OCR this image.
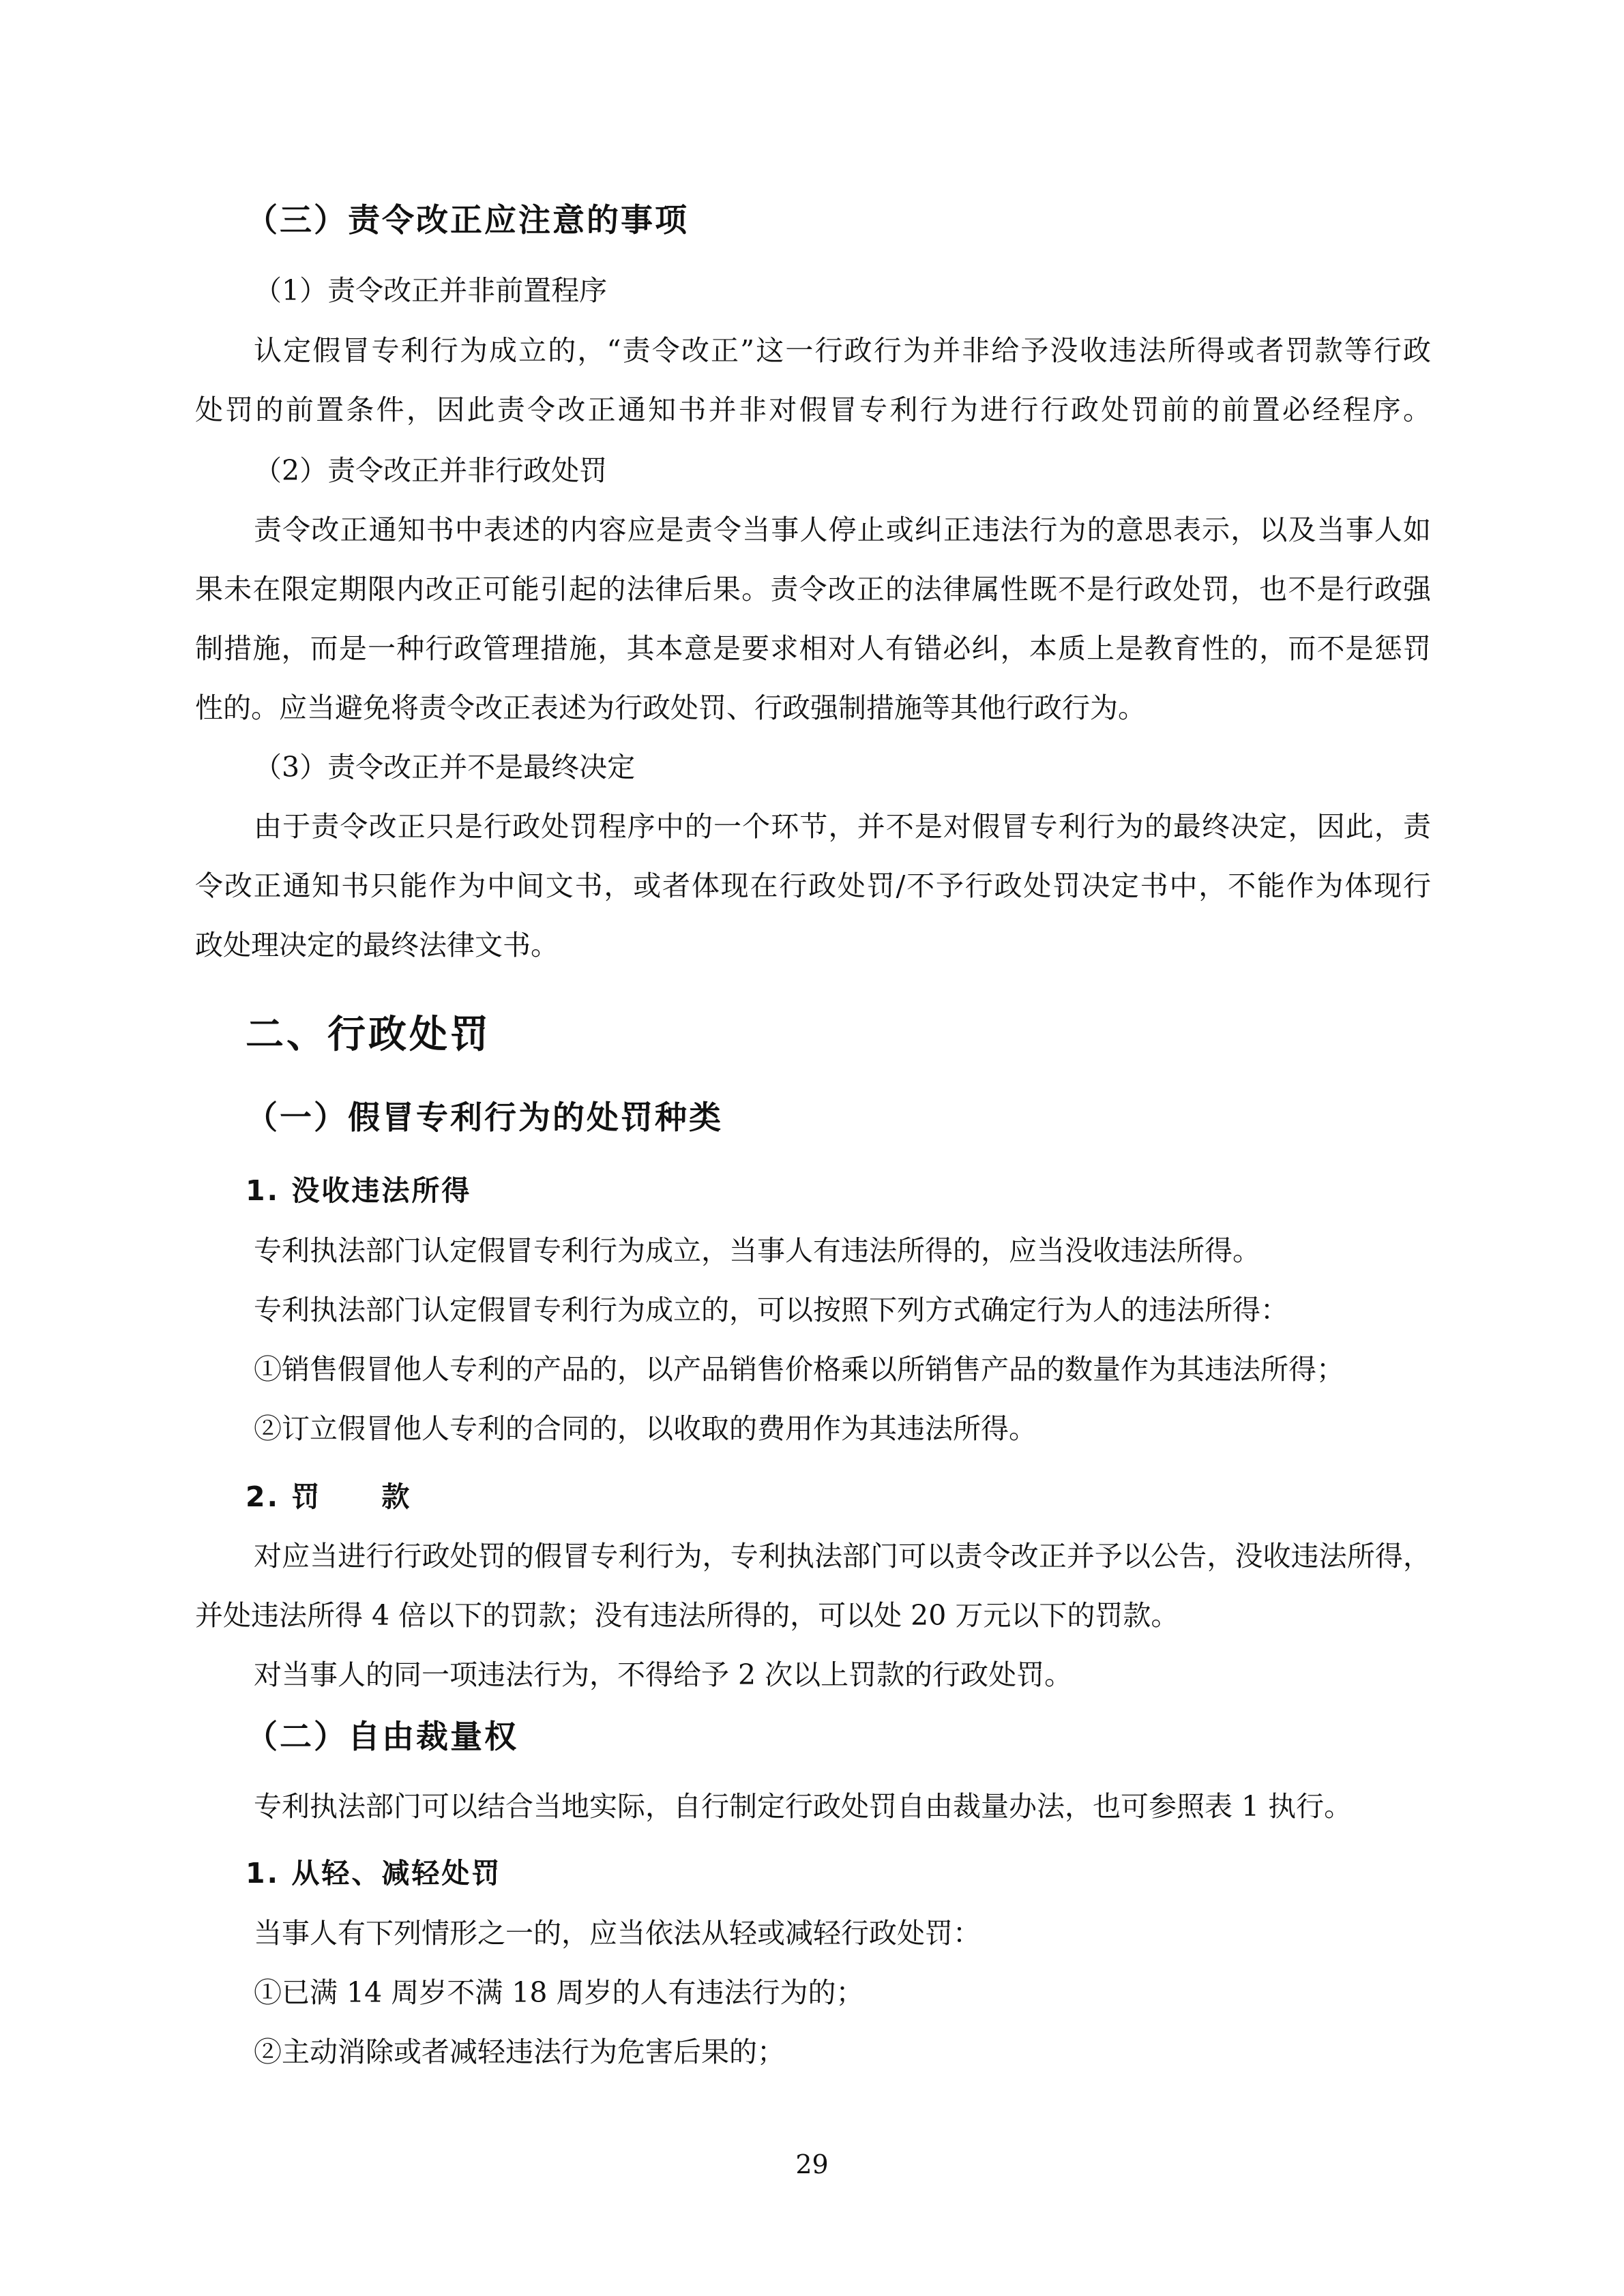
（三）责令改正应注意的事项
（1）责令改正并非前置程序
认定假冒专利行为成立的，“责令改正”这一行政行为并非给予没收违法所得或者罚款等行政
处罚的前置条件，因此责令改正通知书并非对假冒专利行为进行行政处罚前的前置必经程序。
（2）责令改正并非行政处罚
责令改正通知书中表述的内容应是责令当事人停止或纠正违法行为的意思表示，以及当事人如
果未在限定期限内改正可能引起的法律后果。责令改正的法律属性既不是行政处罚，也不是行政强
制措施，而是一种行政管理措施，其本意是要求相对人有错必纠，本质上是教育性的，而不是惩罚
性的。应当避免将责令改正表述为行政处罚、行政强制措施等其他行政行为。
（3）责令改正并不是最终决定
由于责令改正只是行政处罚程序中的一个环节，并不是对假冒专利行为的最终决定，因此，责
令改正通知书只能作为中间文书，或者体现在行政处罚/不予行政处罚决定书中，不能作为体现行
政处理决定的最终法律文书。
二、行政处罚
（一）假冒专利行为的处罚种类
1. 没收违法所得
专利执法部门认定假冒专利行为成立，当事人有违法所得的，应当没收违法所得。
专利执法部门认定假冒专利行为成立的，可以按照下列方式确定行为人的违法所得：
①销售假冒他人专利的产品的，以产品销售价格乘以所销售产品的数量作为其违法所得；
②订立假冒他人专利的合同的，以收取的费用作为其违法所得。
2. 罚　　款
对应当进行行政处罚的假冒专利行为，专利执法部门可以责令改正并予以公告，没收违法所得，
并处违法所得 4 倍以下的罚款；没有违法所得的，可以处 20 万元以下的罚款。
对当事人的同一项违法行为，不得给予 2 次以上罚款的行政处罚。
（二）自由裁量权
专利执法部门可以结合当地实际，自行制定行政处罚自由裁量办法，也可参照表 1 执行。
1. 从轻、减轻处罚
当事人有下列情形之一的，应当依法从轻或减轻行政处罚：
①已满 14 周岁不满 18 周岁的人有违法行为的；
②主动消除或者减轻违法行为危害后果的；
29
